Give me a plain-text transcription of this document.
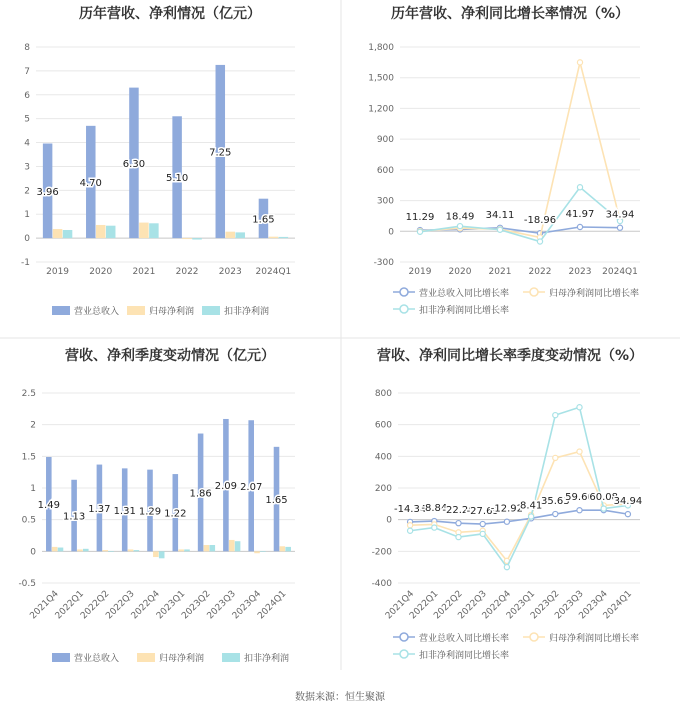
历年营收、净利情况（亿元）
8
7
6
5
4
3
2
1
0
-1
2019 2020 2021 2022 2023 2024Q1
3.96
4.70
6.30
5.10
7.25
1.65
营业总收入	归母净利润	扣非净利润
历年营收、净利同比增长率情况（%）
1,800
1,500
1,200
900
600
300
0
-300
2019 2020 2021 2022 2023 2024Q1
11.29 18.49 34.11 -18.96
41.97 34.94
营业总收入同比增长率	归母净利润同比增长率
扣非净利润同比增长率
营收、净利季度变动情况（亿元）
2.5
2
1.5
1
0.5
0
-0.5
2021Q4
2022Q1
2022Q2
2022Q3
2022Q4
2023Q1
2023Q2
2023Q3
2023Q4
2024Q1
1.49
1.13
1.37 1.31 1.29 1.22
1.86
2.09 2.07
1.65
营业总收入	归母净利润	扣非净利润
营收、净利同比增长率季度变动情况（%）
800
600
400
200
0
-200
-400
2021Q4
2022Q1
2022Q2
2022Q3
2022Q4
2023Q1
2023Q2
2023Q3
2023Q4
2024Q1
-14.34
-8.84
-22.20
-27.69
-12.92
8.41
35.63
59.66
60.08
34.94
营业总收入同比增长率	归母净利润同比增长率
扣非净利润同比增长率
数据来源：恒生聚源
